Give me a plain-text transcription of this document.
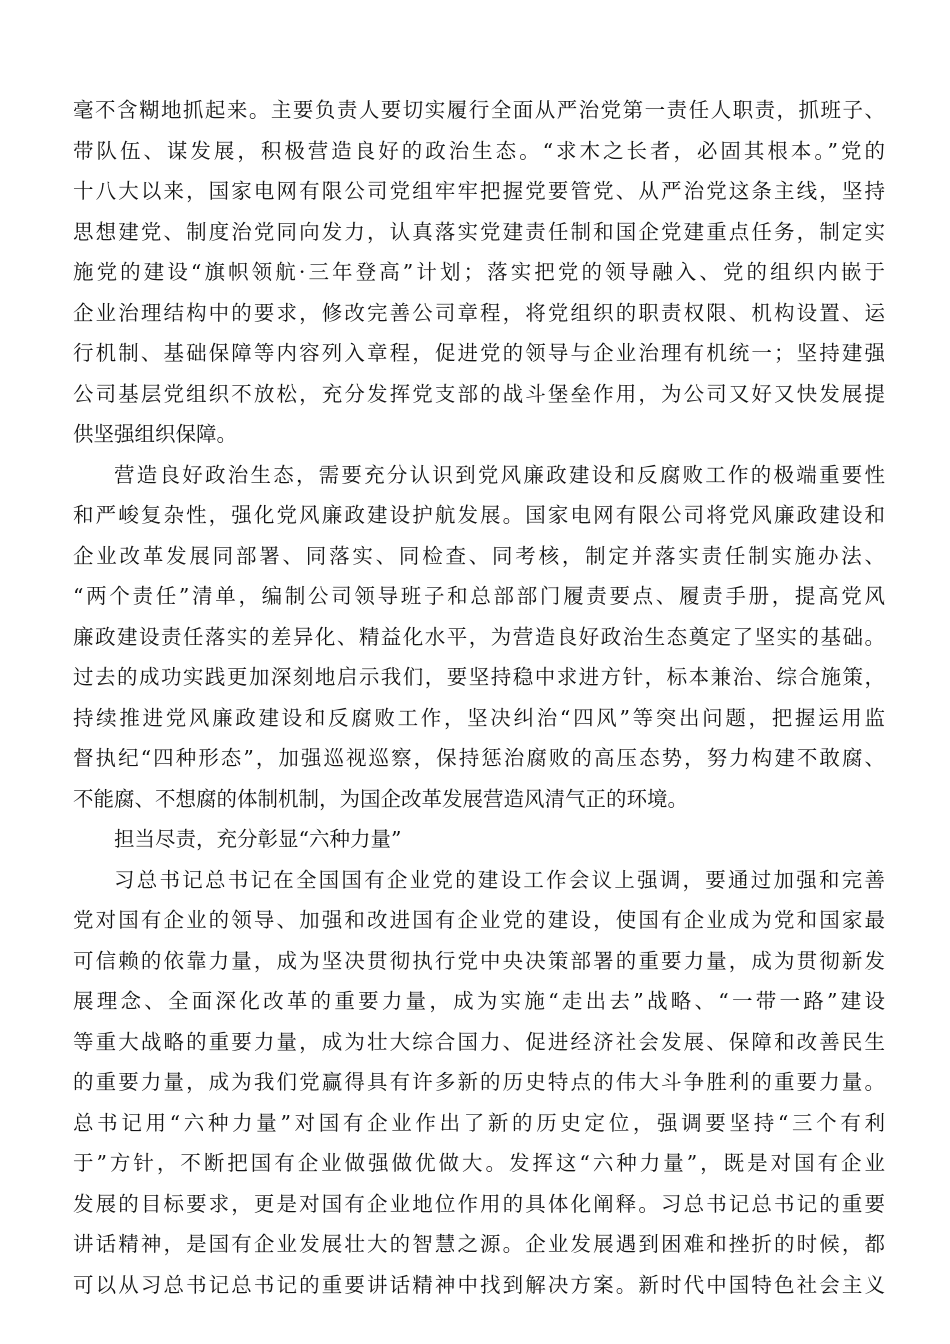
毫不含糊地抓起来。主要负责人要切实履行全面从严治党第一责任人职责，抓班子、
带队伍、谋发展，积极营造良好的政治生态。“求木之长者，必固其根本。”党的
十八大以来，国家电网有限公司党组牢牢把握党要管党、从严治党这条主线，坚持
思想建党、制度治党同向发力，认真落实党建责任制和国企党建重点任务，制定实
施党的建设“旗帜领航·三年登高”计划；落实把党的领导融入、党的组织内嵌于
企业治理结构中的要求，修改完善公司章程，将党组织的职责权限、机构设置、运
行机制、基础保障等内容列入章程，促进党的领导与企业治理有机统一；坚持建强
公司基层党组织不放松，充分发挥党支部的战斗堡垒作用，为公司又好又快发展提
供坚强组织保障。
营造良好政治生态，需要充分认识到党风廉政建设和反腐败工作的极端重要性
和严峻复杂性，强化党风廉政建设护航发展。国家电网有限公司将党风廉政建设和
企业改革发展同部署、同落实、同检查、同考核，制定并落实责任制实施办法、
“两个责任”清单，编制公司领导班子和总部部门履责要点、履责手册，提高党风
廉政建设责任落实的差异化、精益化水平，为营造良好政治生态奠定了坚实的基础。
过去的成功实践更加深刻地启示我们，要坚持稳中求进方针，标本兼治、综合施策，
持续推进党风廉政建设和反腐败工作，坚决纠治“四风”等突出问题，把握运用监
督执纪“四种形态”，加强巡视巡察，保持惩治腐败的高压态势，努力构建不敢腐、
不能腐、不想腐的体制机制，为国企改革发展营造风清气正的环境。
担当尽责，充分彰显“六种力量”
习总书记总书记在全国国有企业党的建设工作会议上强调，要通过加强和完善
党对国有企业的领导、加强和改进国有企业党的建设，使国有企业成为党和国家最
可信赖的依靠力量，成为坚决贯彻执行党中央决策部署的重要力量，成为贯彻新发
展理念、全面深化改革的重要力量，成为实施“走出去”战略、“一带一路”建设
等重大战略的重要力量，成为壮大综合国力、促进经济社会发展、保障和改善民生
的重要力量，成为我们党赢得具有许多新的历史特点的伟大斗争胜利的重要力量。
总书记用“六种力量”对国有企业作出了新的历史定位，强调要坚持“三个有利
于”方针，不断把国有企业做强做优做大。发挥这“六种力量”，既是对国有企业
发展的目标要求，更是对国有企业地位作用的具体化阐释。习总书记总书记的重要
讲话精神，是国有企业发展壮大的智慧之源。企业发展遇到困难和挫折的时候，都
可以从习总书记总书记的重要讲话精神中找到解决方案。新时代中国特色社会主义
